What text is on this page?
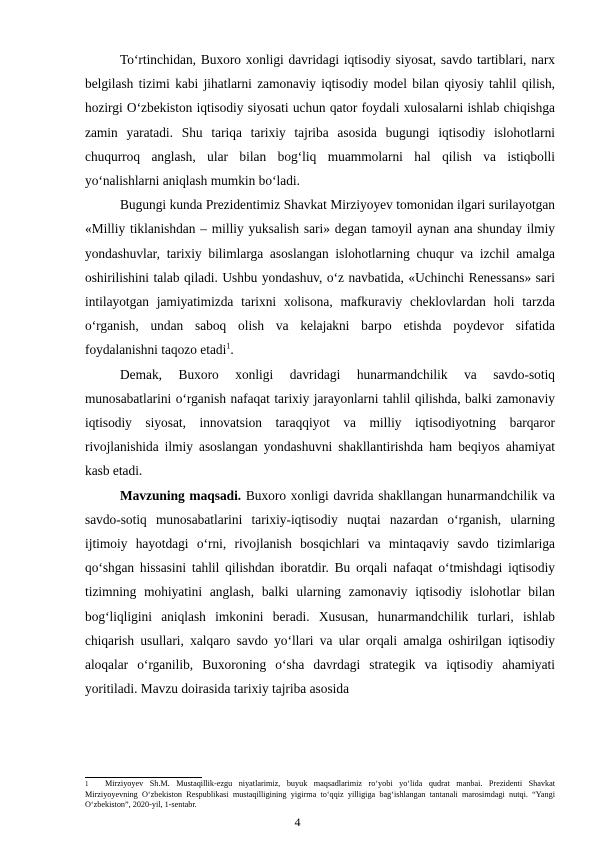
To‘rtinchidan, Buxoro xonligi davridagi iqtisodiy siyosat, savdo tartiblari, narx belgilash tizimi kabi jihatlarni zamonaviy iqtisodiy model bilan qiyosiy tahlil qilish, hozirgi O‘zbekiston iqtisodiy siyosati uchun qator foydali xulosalarni ishlab chiqishga zamin yaratadi. Shu tariqa tarixiy tajriba asosida bugungi iqtisodiy islohotlarni chuqurroq anglash, ular bilan bog‘liq muammolarni hal qilish va istiqbolli yo‘nalishlarni aniqlash mumkin bo‘ladi.

Bugungi kunda Prezidentimiz Shavkat Mirziyoyev tomonidan ilgari surilayotgan «Milliy tiklanishdan – milliy yuksalish sari» degan tamoyil aynan ana shunday ilmiy yondashuvlar, tarixiy bilimlarga asoslangan islohotlarning chuqur va izchil amalga oshirilishini talab qiladi. Ushbu yondashuv, o‘z navbatida, «Uchinchi Renessans» sari intilayotgan jamiyatimizda tarixni xolisona, mafkuraviy cheklovlardan holi tarzda o‘rganish, undan saboq olish va kelajakni barpo etishda poydevor sifatida foydalanishni taqozo etadi$^1$.

Demak, Buxoro xonligi davridagi hunarmandchilik va savdo-sotiq munosabatlarini o‘rganish nafaqat tarixiy jarayonlarni tahlil qilishda, balki zamonaviy iqtisodiy siyosat, innovatsion taraqqiyot va milliy iqtisodiyotning barqaror rivojlanishida ilmiy asoslangan yondashuvni shakllantirishda ham beqiyos ahamiyat kasb etadi.

Mavzuning maqsadi. Buxoro xonligi davrida shakllangan hunarmandchilik va savdo-sotiq munosabatlarini tarixiy-iqtisodiy nuqtai nazardan o‘rganish, ularning ijtimoiy hayotdagi o‘rni, rivojlanish bosqichlari va mintaqaviy savdo tizimlariga qo‘shgan hissasini tahlil qilishdan iboratdir. Bu orqali nafaqat o‘tmishdagi iqtisodiy tizimning mohiyatini anglash, balki ularning zamonaviy iqtisodiy islohotlar bilan bog‘liqligini aniqlash imkonini beradi. Xususan, hunarmandchilik turlari, ishlab chiqarish usullari, xalqaro savdo yo‘llari va ular orqali amalga oshirilgan iqtisodiy aloqalar o‘rganilib, Buxoroning o‘sha davrdagi strategik va iqtisodiy ahamiyati yoritiladi. Mavzu doirasida tarixiy tajriba asosida

1 Mirziyoyev Sh.M. Mustaqillik-ezgu niyatlarimiz, buyuk maqsadlarimiz ro‘yobi yo‘lida qudrat manbai. Prezidenti Shavkat Mirziyoyevning O‘zbekiston Respublikasi mustaqilligining yigirma to‘qqiz yilligiga bag‘ishlangan tantanali marosimdagi nutqi. “Yangi O‘zbekiston”, 2020-yil, 1-sentabr.

4
